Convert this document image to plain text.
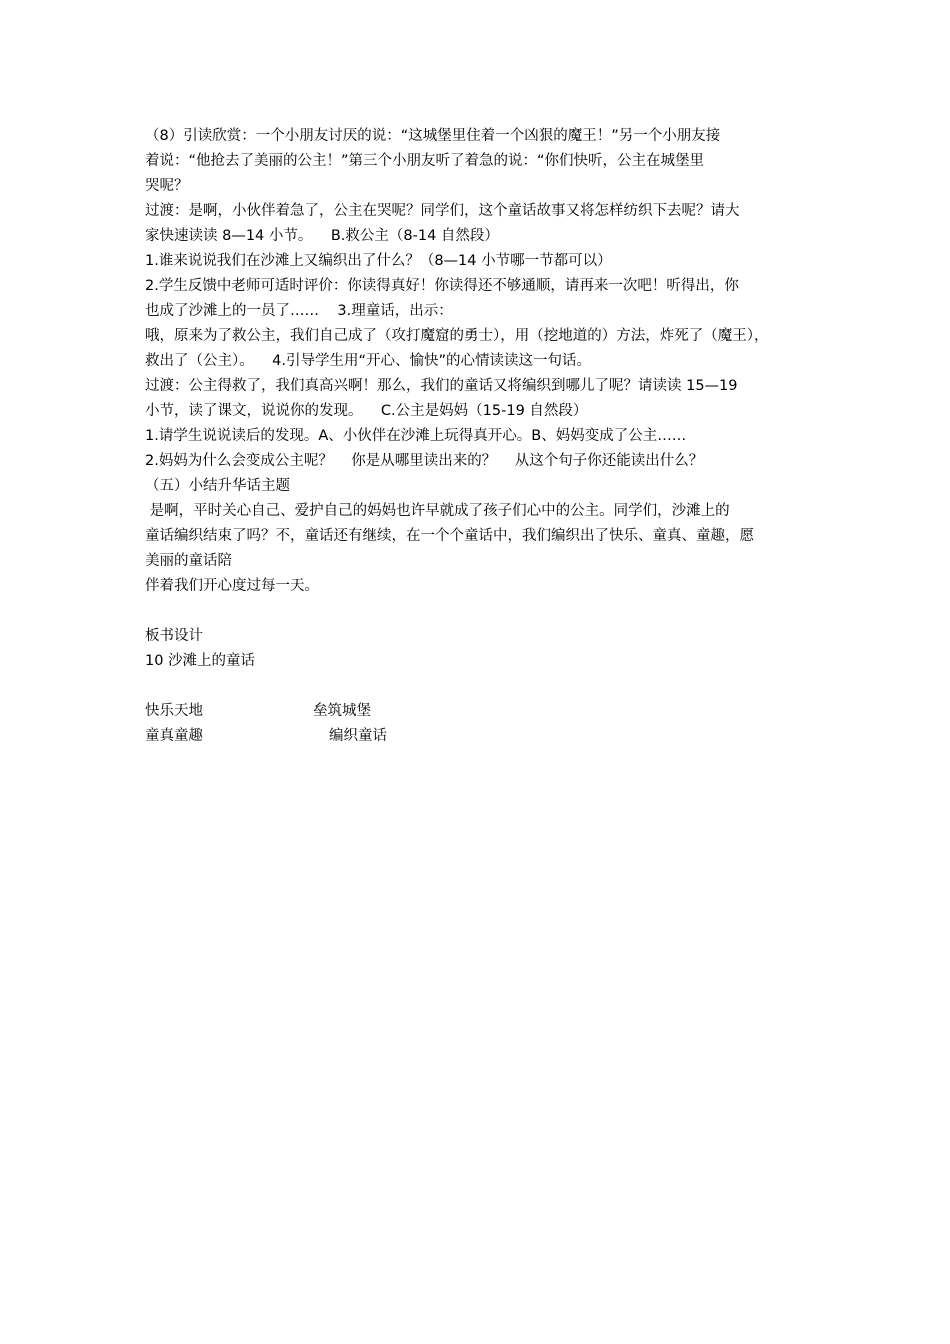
（8）引读欣赏：一个小朋友讨厌的说：“这城堡里住着一个凶狠的魔王！”另一个小朋友接
着说：“他抢去了美丽的公主！”第三个小朋友听了着急的说：“你们快听，公主在城堡里
哭呢？
过渡：是啊，小伙伴着急了，公主在哭呢？同学们，这个童话故事又将怎样纺织下去呢？请大
家快速读读 8—14 小节。    B.救公主（8-14 自然段）
1.谁来说说我们在沙滩上又编织出了什么？（8—14 小节哪一节都可以）
2.学生反馈中老师可适时评价：你读得真好！你读得还不够通顺，请再来一次吧！听得出，你
也成了沙滩上的一员了……    3.理童话，出示：
哦，原来为了救公主，我们自己成了（攻打魔窟的勇士），用（挖地道的）方法，炸死了（魔王），
救出了（公主）。    4.引导学生用“开心、愉快”的心情读读这一句话。
过渡：公主得救了，我们真高兴啊！那么，我们的童话又将编织到哪儿了呢？请读读 15—19
小节，读了课文，说说你的发现。    C.公主是妈妈（15-19 自然段）
1.请学生说说读后的发现。A、小伙伴在沙滩上玩得真开心。B、妈妈变成了公主……
2.妈妈为什么会变成公主呢？    你是从哪里读出来的？    从这个句子你还能读出什么？
（五）小结升华话主题
是啊，平时关心自己、爱护自己的妈妈也许早就成了孩子们心中的公主。同学们，沙滩上的
童话编织结束了吗？不，童话还有继续，在一个个童话中，我们编织出了快乐、童真、童趣，愿
美丽的童话陪
伴着我们开心度过每一天。
板书设计
10 沙滩上的童话

快乐天地

	垒筑城堡

童真童趣

	编织童话
